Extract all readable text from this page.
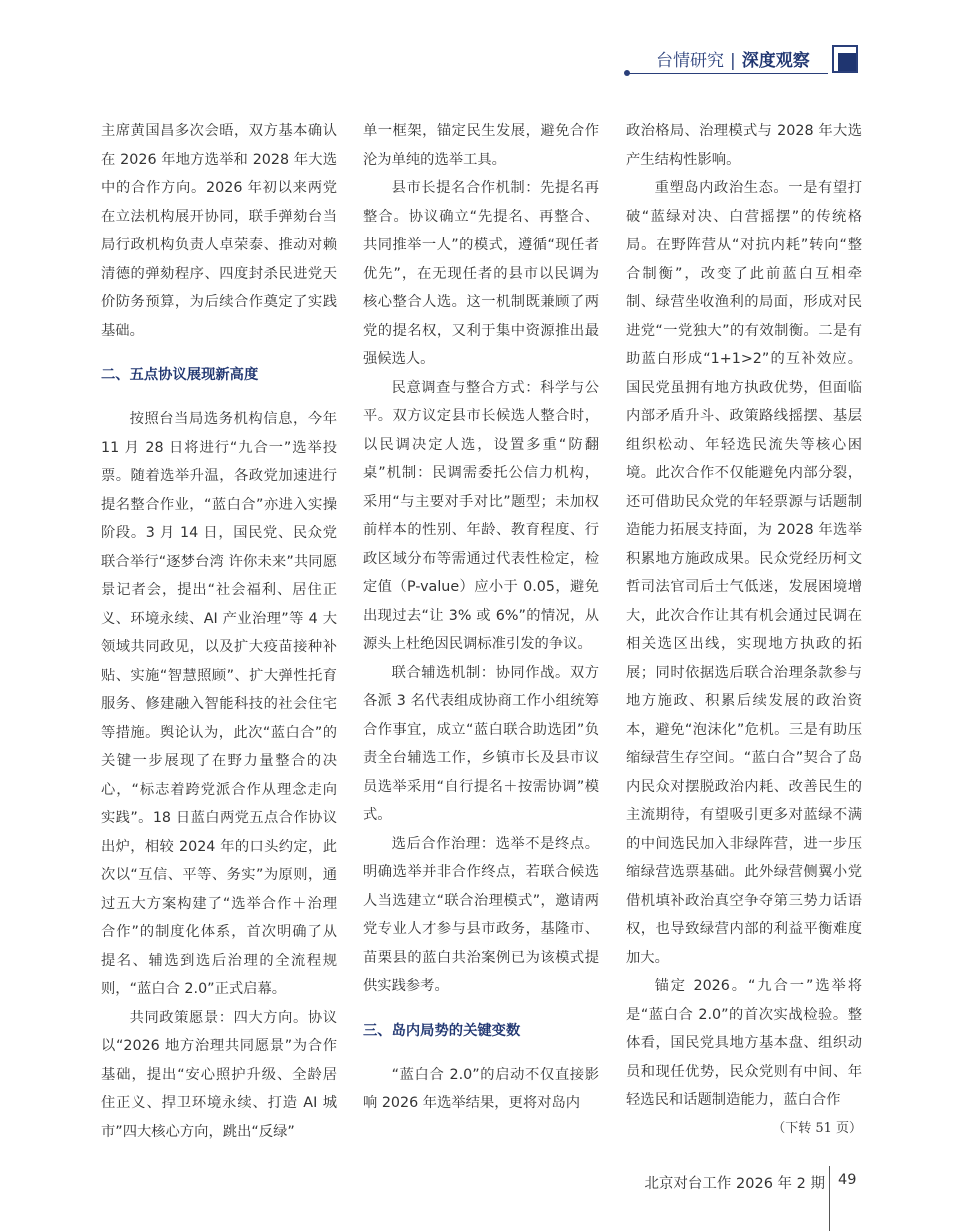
台情研究 | 深度观察

主席黄国昌多次会晤，双方基本确认在 2026 年地方选举和 2028 年大选中的合作方向。2026 年初以来两党在立法机构展开协同，联手弹劾台当局行政机构负责人卓荣泰、推动对赖清德的弹劾程序、四度封杀民进党天价防务预算，为后续合作奠定了实践基础。

二、五点协议展现新高度

按照台当局选务机构信息，今年 11 月 28 日将进行“九合一”选举投票。随着选举升温，各政党加速进行提名整合作业，“蓝白合”亦进入实操阶段。3 月 14 日，国民党、民众党联合举行“逐梦台湾 许你未来”共同愿景记者会，提出“社会福利、居住正义、环境永续、AI 产业治理”等 4 大领域共同政见，以及扩大疫苗接种补贴、实施“智慧照顾”、扩大弹性托育服务、修建融入智能科技的社会住宅等措施。舆论认为，此次“蓝白合”的关键一步展现了在野力量整合的决心，“标志着跨党派合作从理念走向实践”。18 日蓝白两党五点合作协议出炉，相较 2024 年的口头约定，此次以“互信、平等、务实”为原则，通过五大方案构建了“选举合作＋治理合作”的制度化体系，首次明确了从提名、辅选到选后治理的全流程规则，“蓝白合 2.0”正式启幕。

共同政策愿景：四大方向。协议以“2026 地方治理共同愿景”为合作基础，提出“安心照护升级、全龄居住正义、捍卫环境永续、打造 AI 城市”四大核心方向，跳出“反绿”

单一框架，锚定民生发展，避免合作沦为单纯的选举工具。

县市长提名合作机制：先提名再整合。协议确立“先提名、再整合、共同推举一人”的模式，遵循“现任者优先”，在无现任者的县市以民调为核心整合人选。这一机制既兼顾了两党的提名权，又利于集中资源推出最强候选人。

民意调查与整合方式：科学与公平。双方议定县市长候选人整合时，以民调决定人选，设置多重“防翻桌”机制：民调需委托公信力机构，采用“与主要对手对比”题型；未加权前样本的性别、年龄、教育程度、行政区域分布等需通过代表性检定，检定值（P-value）应小于 0.05，避免出现过去“让 3% 或 6%”的情况，从源头上杜绝因民调标准引发的争议。

联合辅选机制：协同作战。双方各派 3 名代表组成协商工作小组统筹合作事宜，成立“蓝白联合助选团”负责全台辅选工作，乡镇市长及县市议员选举采用“自行提名＋按需协调”模式。

选后合作治理：选举不是终点。明确选举并非合作终点，若联合候选人当选建立“联合治理模式”，邀请两党专业人才参与县市政务，基隆市、苗栗县的蓝白共治案例已为该模式提供实践参考。

三、岛内局势的关键变数

“蓝白合 2.0”的启动不仅直接影响 2026 年选举结果，更将对岛内

政治格局、治理模式与 2028 年大选产生结构性影响。

重塑岛内政治生态。一是有望打破“蓝绿对决、白营摇摆”的传统格局。在野阵营从“对抗内耗”转向“整合制衡”，改变了此前蓝白互相牵制、绿营坐收渔利的局面，形成对民进党“一党独大”的有效制衡。二是有助蓝白形成“1+1>2”的互补效应。国民党虽拥有地方执政优势，但面临内部矛盾升斗、政策路线摇摆、基层组织松动、年轻选民流失等核心困境。此次合作不仅能避免内部分裂，还可借助民众党的年轻票源与话题制造能力拓展支持面，为 2028 年选举积累地方施政成果。民众党经历柯文哲司法官司后士气低迷，发展困境增大，此次合作让其有机会通过民调在相关选区出线，实现地方执政的拓展；同时依据选后联合治理条款参与地方施政、积累后续发展的政治资本，避免“泡沫化”危机。三是有助压缩绿营生存空间。“蓝白合”契合了岛内民众对摆脱政治内耗、改善民生的主流期待，有望吸引更多对蓝绿不满的中间选民加入非绿阵营，进一步压缩绿营选票基础。此外绿营侧翼小党借机填补政治真空争夺第三势力话语权，也导致绿营内部的利益平衡难度加大。

锚定 2026。“九合一”选举将是“蓝白合 2.0”的首次实战检验。整体看，国民党具地方基本盘、组织动员和现任优势，民众党则有中间、年轻选民和话题制造能力，蓝白合作

（下转 51 页）

北京对台工作 2026 年 2 期 49
